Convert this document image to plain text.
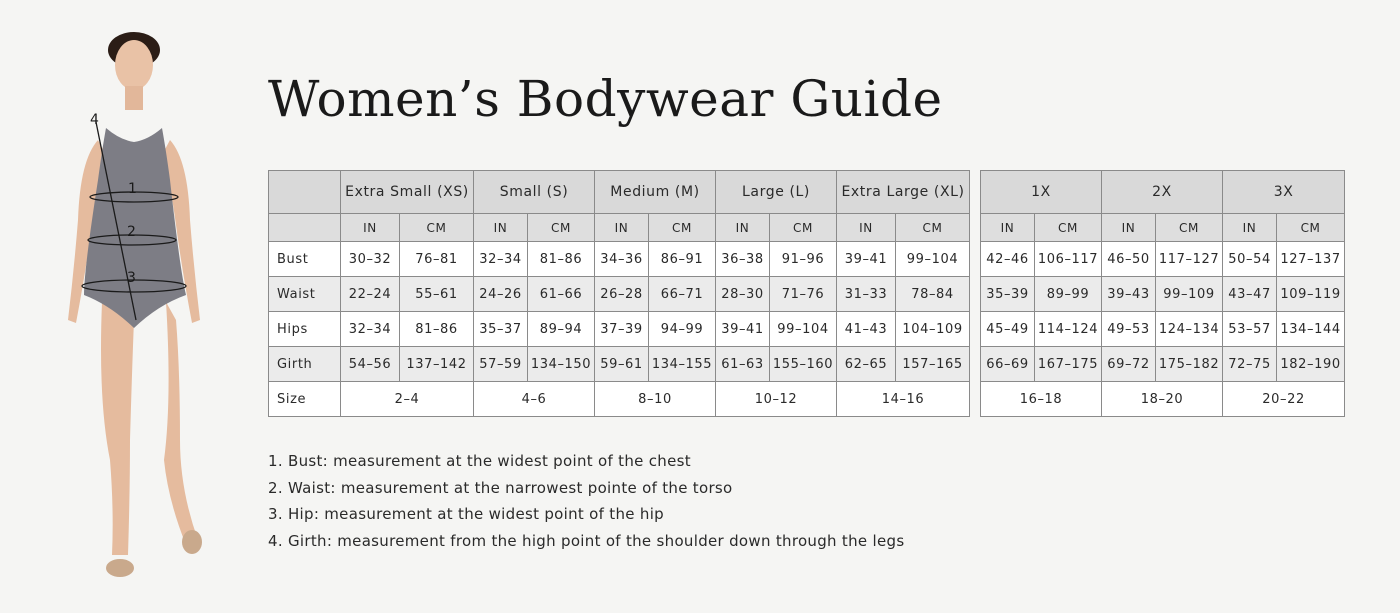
4
1
2
3
Women’s Bodywear Guide
	Extra Small (XS)		Small (S)		Medium (M)		Large (L)		Extra Large (XL)	
	IN	CM	IN	CM	IN	CM	IN	CM	IN	CM
Bust	30–32	76–81	32–34	81–86	34–36	86–91	36–38	91–96	39–41	99–104
Waist	22–24	55–61	24–26	61–66	26–28	66–71	28–30	71–76	31–33	78–84
Hips	32–34	81–86	35–37	89–94	37–39	94–99	39–41	99–104	41–43	104–109
Girth	54–56	137–142	57–59	134–150	59–61	134–155	61–63	155–160	62–65	157–165
Size	2–4		4–6		8–10		10–12		14–16	
1X		2X		3X	
IN	CM	IN	CM	IN	CM
42–46	106–117	46–50	117–127	50–54	127–137
35–39	89–99	39–43	99–109	43–47	109–119
45–49	114–124	49–53	124–134	53–57	134–144
66–69	167–175	69–72	175–182	72–75	182–190
16–18		18–20		20–22	
1. Bust: measurement at the widest point of the chest
2. Waist: measurement at the narrowest pointe of the torso
3. Hip: measurement at the widest point of the hip
4. Girth: measurement from the high point of the shoulder down through the legs
